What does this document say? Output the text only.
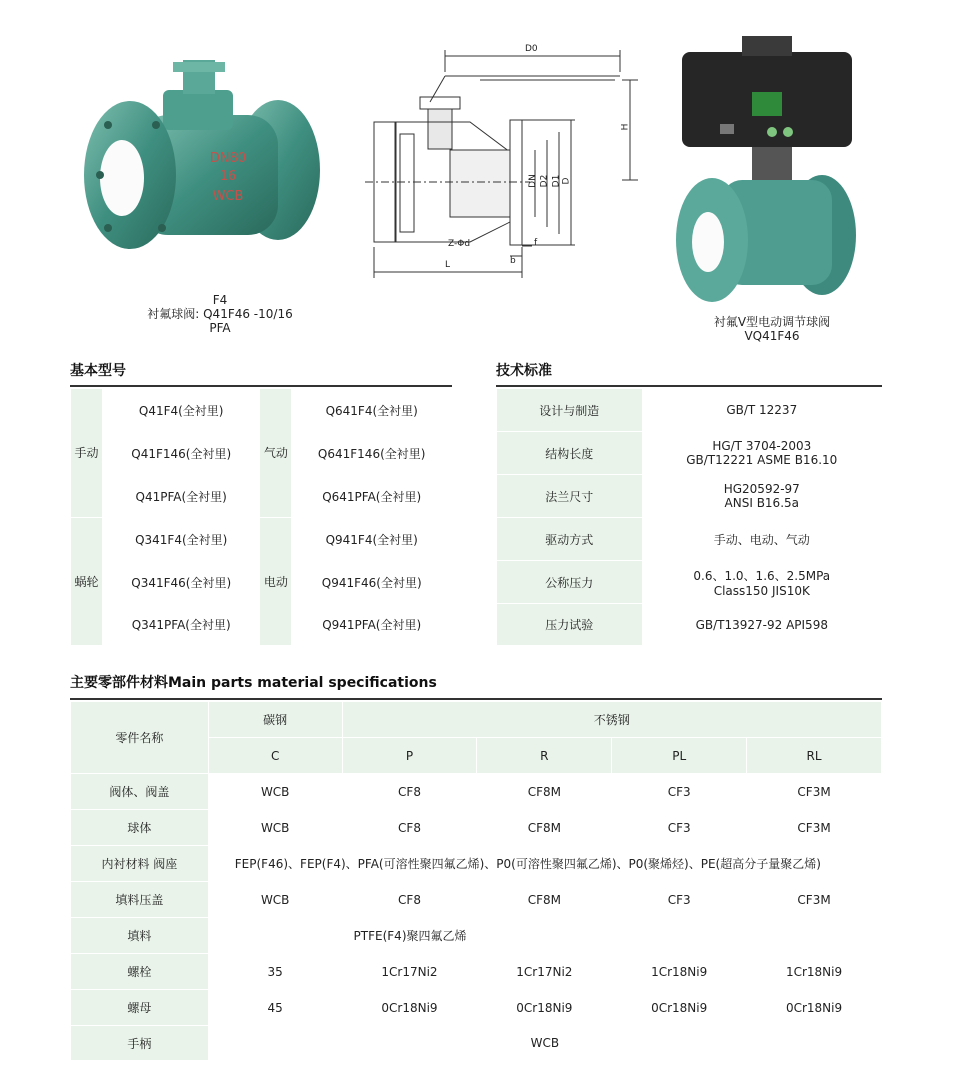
DN80
16
WCB
F4
衬氟球阀: Q41F46 -10/16
PFA
D0
H
DN D2 D1 D
Z-Φd
L	b
f
衬氟V型电动调节球阀
VQ41F46
基本型号
手动	Q41F4(全衬里)	气动	Q641F4(全衬里)
	Q41F146(全衬里)		Q641F146(全衬里)
	Q41PFA(全衬里)		Q641PFA(全衬里)
蜗轮	Q341F4(全衬里)	电动	Q941F4(全衬里)
	Q341F46(全衬里)		Q941F46(全衬里)
	Q341PFA(全衬里)		Q941PFA(全衬里)
技术标准
设计与制造	GB/T 12237

结构长度	HG/T 3704-2003
GB/T12221 ASME B16.10

法兰尺寸	HG20592-97
ANSI B16.5a

驱动方式	手动、电动、气动

公称压力	0.6、1.0、1.6、2.5MPa
Class150 JIS10K

压力试验	GB/T13927-92 API598
主要零部件材料Main parts material specifications
零件名称	碳钢	不锈钢			
	C	P	R	PL	RL
阀体、阀盖	WCB	CF8	CF8M	CF3	CF3M
球体	WCB	CF8	CF8M	CF3	CF3M
内衬材料 阀座	FEP(F46)、FEP(F4)、PFA(可溶性聚四氟乙烯)、P0(可溶性聚四氟乙烯)、P0(聚烯烃)、PE(超高分子量聚乙烯)				
填料压盖	WCB	CF8	CF8M	CF3	CF3M
填料	PTFE(F4)聚四氟乙烯				
螺栓	35	1Cr17Ni2	1Cr17Ni2	1Cr18Ni9	1Cr18Ni9
螺母	45	0Cr18Ni9	0Cr18Ni9	0Cr18Ni9	0Cr18Ni9
手柄	WCB				
